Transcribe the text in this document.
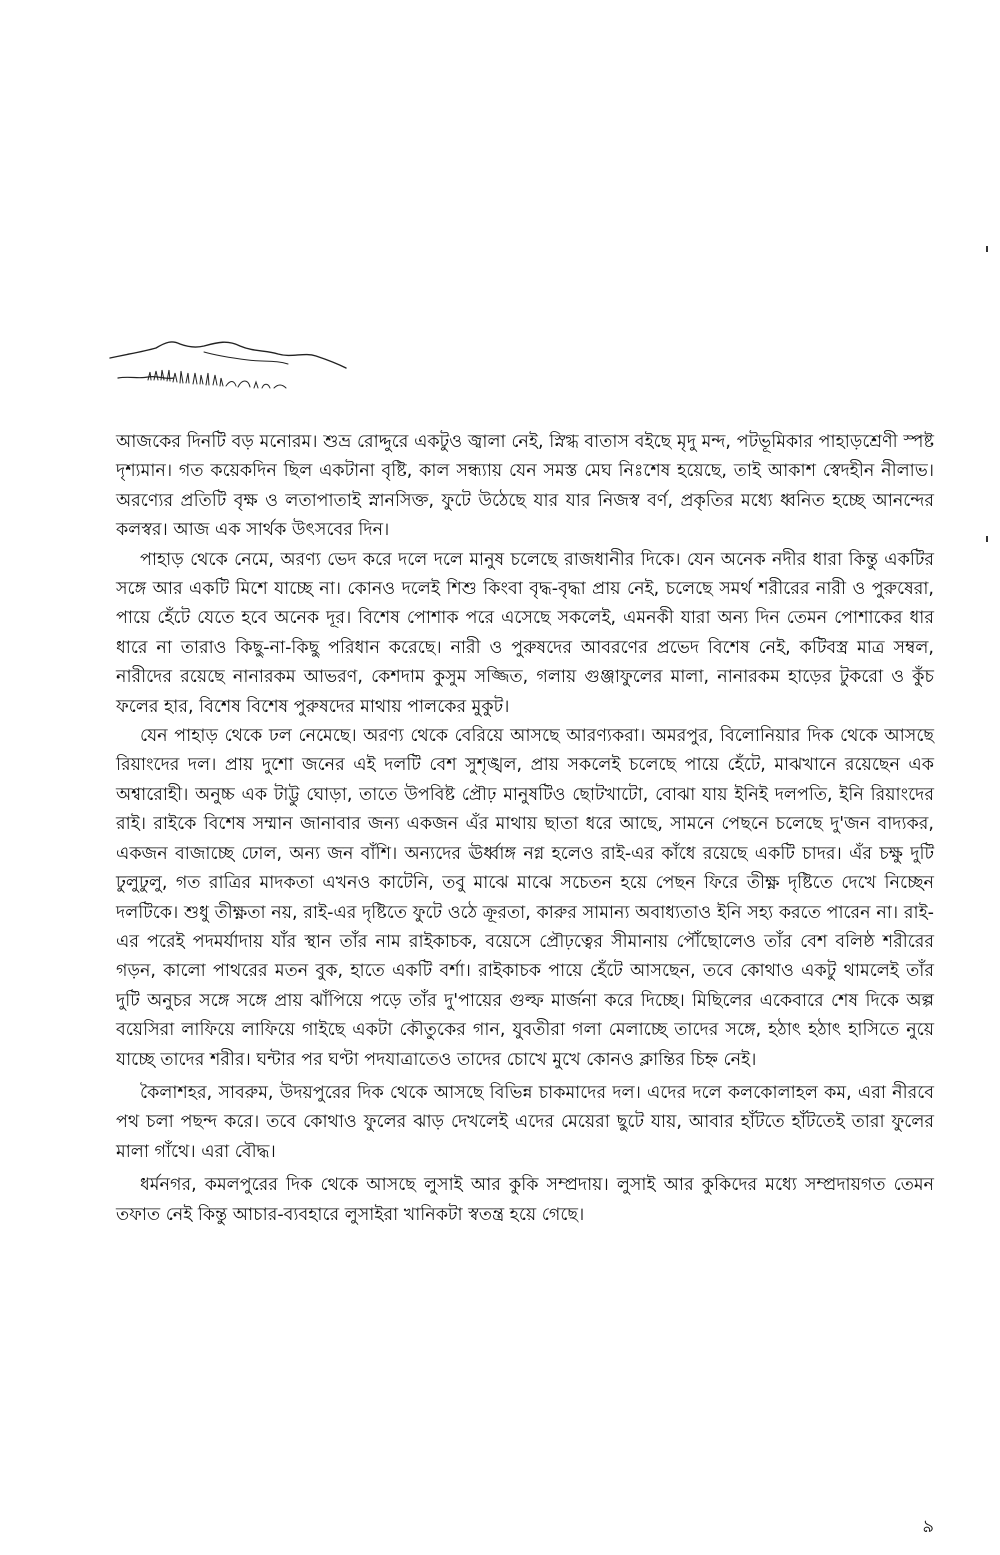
আজকের দিনটি বড় মনোরম। শুভ্র রোদ্দুরে একটুও জ্বালা নেই, স্নিগ্ধ বাতাস বইছে মৃদু মন্দ, পটভূমিকার পাহাড়শ্রেণী স্পষ্ট দৃশ্যমান। গত কয়েকদিন ছিল একটানা বৃষ্টি, কাল সন্ধ্যায় যেন সমস্ত মেঘ নিঃশেষ হয়েছে, তাই আকাশ স্বেদহীন নীলাভ। অরণ্যের প্রতিটি বৃক্ষ ও লতাপাতাই স্নানসিক্ত, ফুটে উঠেছে যার যার নিজস্ব বর্ণ, প্রকৃতির মধ্যে ধ্বনিত হচ্ছে আনন্দের কলস্বর। আজ এক সার্থক উৎসবের দিন।

পাহাড় থেকে নেমে, অরণ্য ভেদ করে দলে দলে মানুষ চলেছে রাজধানীর দিকে। যেন অনেক নদীর ধারা কিন্তু একটির সঙ্গে আর একটি মিশে যাচ্ছে না। কোনও দলেই শিশু কিংবা বৃদ্ধ-বৃদ্ধা প্রায় নেই, চলেছে সমর্থ শরীরের নারী ও পুরুষেরা, পায়ে হেঁটে যেতে হবে অনেক দূর। বিশেষ পোশাক পরে এসেছে সকলেই, এমনকী যারা অন্য দিন তেমন পোশাকের ধার ধারে না তারাও কিছু-না-কিছু পরিধান করেছে। নারী ও পুরুষদের আবরণের প্রভেদ বিশেষ নেই, কটিবস্ত্র মাত্র সম্বল, নারীদের রয়েছে নানারকম আভরণ, কেশদাম কুসুম সজ্জিত, গলায় গুঞ্জাফুলের মালা, নানারকম হাড়ের টুকরো ও কুঁচ ফলের হার, বিশেষ বিশেষ পুরুষদের মাথায় পালকের মুকুট।

যেন পাহাড় থেকে ঢল নেমেছে। অরণ্য থেকে বেরিয়ে আসছে আরণ্যকরা। অমরপুর, বিলোনিয়ার দিক থেকে আসছে রিয়াংদের দল। প্রায় দুশো জনের এই দলটি বেশ সুশৃঙ্খল, প্রায় সকলেই চলেছে পায়ে হেঁটে, মাঝখানে রয়েছেন এক অশ্বারোহী। অনুচ্চ এক টাট্টু ঘোড়া, তাতে উপবিষ্ট প্রৌঢ় মানুষটিও ছোটখাটো, বোঝা যায় ইনিই দলপতি, ইনি রিয়াংদের রাই। রাইকে বিশেষ সম্মান জানাবার জন্য একজন এঁর মাথায় ছাতা ধরে আছে, সামনে পেছনে চলেছে দু'জন বাদ্যকর, একজন বাজাচ্ছে ঢোল, অন্য জন বাঁশি। অন্যদের ঊর্ধ্বাঙ্গ নগ্ন হলেও রাই-এর কাঁধে রয়েছে একটি চাদর। এঁর চক্ষু দুটি ঢুলুঢুলু, গত রাত্রির মাদকতা এখনও কাটেনি, তবু মাঝে মাঝে সচেতন হয়ে পেছন ফিরে তীক্ষ্ণ দৃষ্টিতে দেখে নিচ্ছেন দলটিকে। শুধু তীক্ষ্ণতা নয়, রাই-এর দৃষ্টিতে ফুটে ওঠে ক্রূরতা, কারুর সামান্য অবাধ্যতাও ইনি সহ্য করতে পারেন না। রাই-এর পরেই পদমর্যাদায় যাঁর স্থান তাঁর নাম রাইকাচক, বয়েসে প্রৌঢ়ত্বের সীমানায় পৌঁছোলেও তাঁর বেশ বলিষ্ঠ শরীরের গড়ন, কালো পাথরের মতন বুক, হাতে একটি বর্শা। রাইকাচক পায়ে হেঁটে আসছেন, তবে কোথাও একটু থামলেই তাঁর দুটি অনুচর সঙ্গে সঙ্গে প্রায় ঝাঁপিয়ে পড়ে তাঁর দু'পায়ের গুল্ফ মার্জনা করে দিচ্ছে। মিছিলের একেবারে শেষ দিকে অল্প বয়েসিরা লাফিয়ে লাফিয়ে গাইছে একটা কৌতুকের গান, যুবতীরা গলা মেলাচ্ছে তাদের সঙ্গে, হঠাৎ হঠাৎ হাসিতে নুয়ে যাচ্ছে তাদের শরীর। ঘন্টার পর ঘণ্টা পদযাত্রাতেও তাদের চোখে মুখে কোনও ক্লান্তির চিহ্ন নেই।

কৈলাশহর, সাবরুম, উদয়পুরের দিক থেকে আসছে বিভিন্ন চাকমাদের দল। এদের দলে কলকোলাহল কম, এরা নীরবে পথ চলা পছন্দ করে। তবে কোথাও ফুলের ঝাড় দেখলেই এদের মেয়েরা ছুটে যায়, আবার হাঁটতে হাঁটতেই তারা ফুলের মালা গাঁথে। এরা বৌদ্ধ।

ধর্মনগর, কমলপুরের দিক থেকে আসছে লুসাই আর কুকি সম্প্রদায়। লুসাই আর কুকিদের মধ্যে সম্প্রদায়গত তেমন তফাত নেই কিন্তু আচার-ব্যবহারে লুসাইরা খানিকটা স্বতন্ত্র হয়ে গেছে।

৯
